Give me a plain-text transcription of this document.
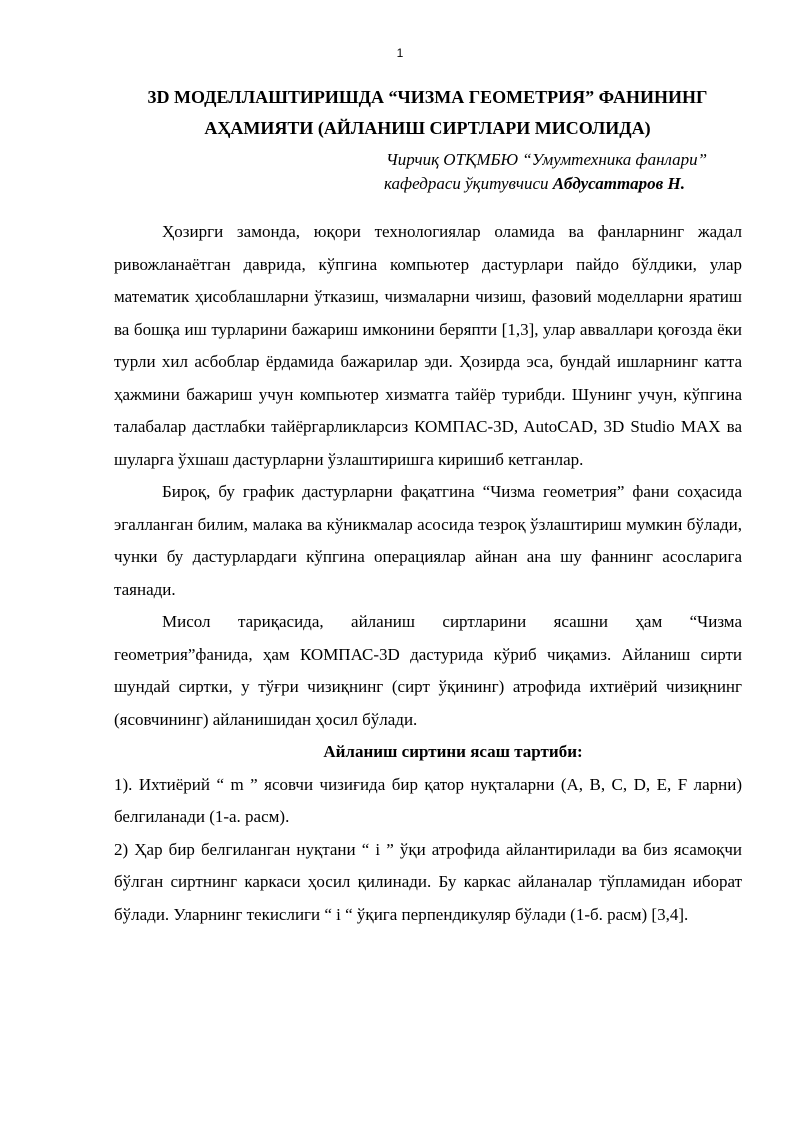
1
3D МОДЕЛЛАШТИРИШДА “ЧИЗМА ГЕОМЕТРИЯ” ФАНИНИНГ
АҲАМИЯТИ (АЙЛАНИШ СИРТЛАРИ МИСОЛИДА)
Чирчиқ ОТҚМБЮ “Умумтехника фанлари”
кафедраси ўқитувчиси Абдусаттаров Н.

Ҳозирги замонда, юқори технологиялар оламида ва фанларнинг жадал ривожланаётган даврида, кўпгина компьютер дастурлари пайдо бўлдики, улар математик ҳисоблашларни ўтказиш, чизмаларни чизиш, фазовий моделларни яратиш ва бошқа иш турларини бажариш имконини беряпти [1,3], улар авваллари қоғозда ёки турли хил асбоблар ёрдамида бажарилар эди. Ҳозирда эса, бундай ишларнинг катта ҳажмини бажариш учун компьютер хизматга тайёр турибди. Шунинг учун, кўпгина талабалар дастлабки тайёргарликларсиз КОМПАС-3D, AutoCAD, 3D Studio MAX ва шуларга ўхшаш дастурларни ўзлаштиришга киришиб кетганлар.

Бироқ, бу график дастурларни фақатгина “Чизма геометрия” фани соҳасида эгалланган билим, малака ва кўникмалар асосида тезроқ ўзлаштириш мумкин бўлади, чунки бу дастурлардаги кўпгина операциялар айнан ана шу фаннинг асосларига таянади.

Мисол тариқасида, айланиш сиртларини ясашни ҳам “Чизма геометрия”фанида, ҳам КОМПАС-3D дастурида кўриб чиқамиз. Айланиш сирти шундай сиртки, у тўғри чизиқнинг (сирт ўқининг) атрофида ихтиёрий чизиқнинг (ясовчининг) айланишидан ҳосил бўлади.

Айланиш сиртини ясаш тартиби:

1). Ихтиёрий “ m ” ясовчи чизиғида бир қатор нуқталарни (A, B, C, D, E, F ларни) белгиланади (1-а. расм).

2) Ҳар бир белгиланган нуқтани “ i ” ўқи атрофида айлантирилади ва биз ясамоқчи бўлган сиртнинг каркаси ҳосил қилинади. Бу каркас айланалар тўпламидан иборат бўлади. Уларнинг текислиги “ i “ ўқига перпендикуляр бўлади (1-б. расм) [3,4].
